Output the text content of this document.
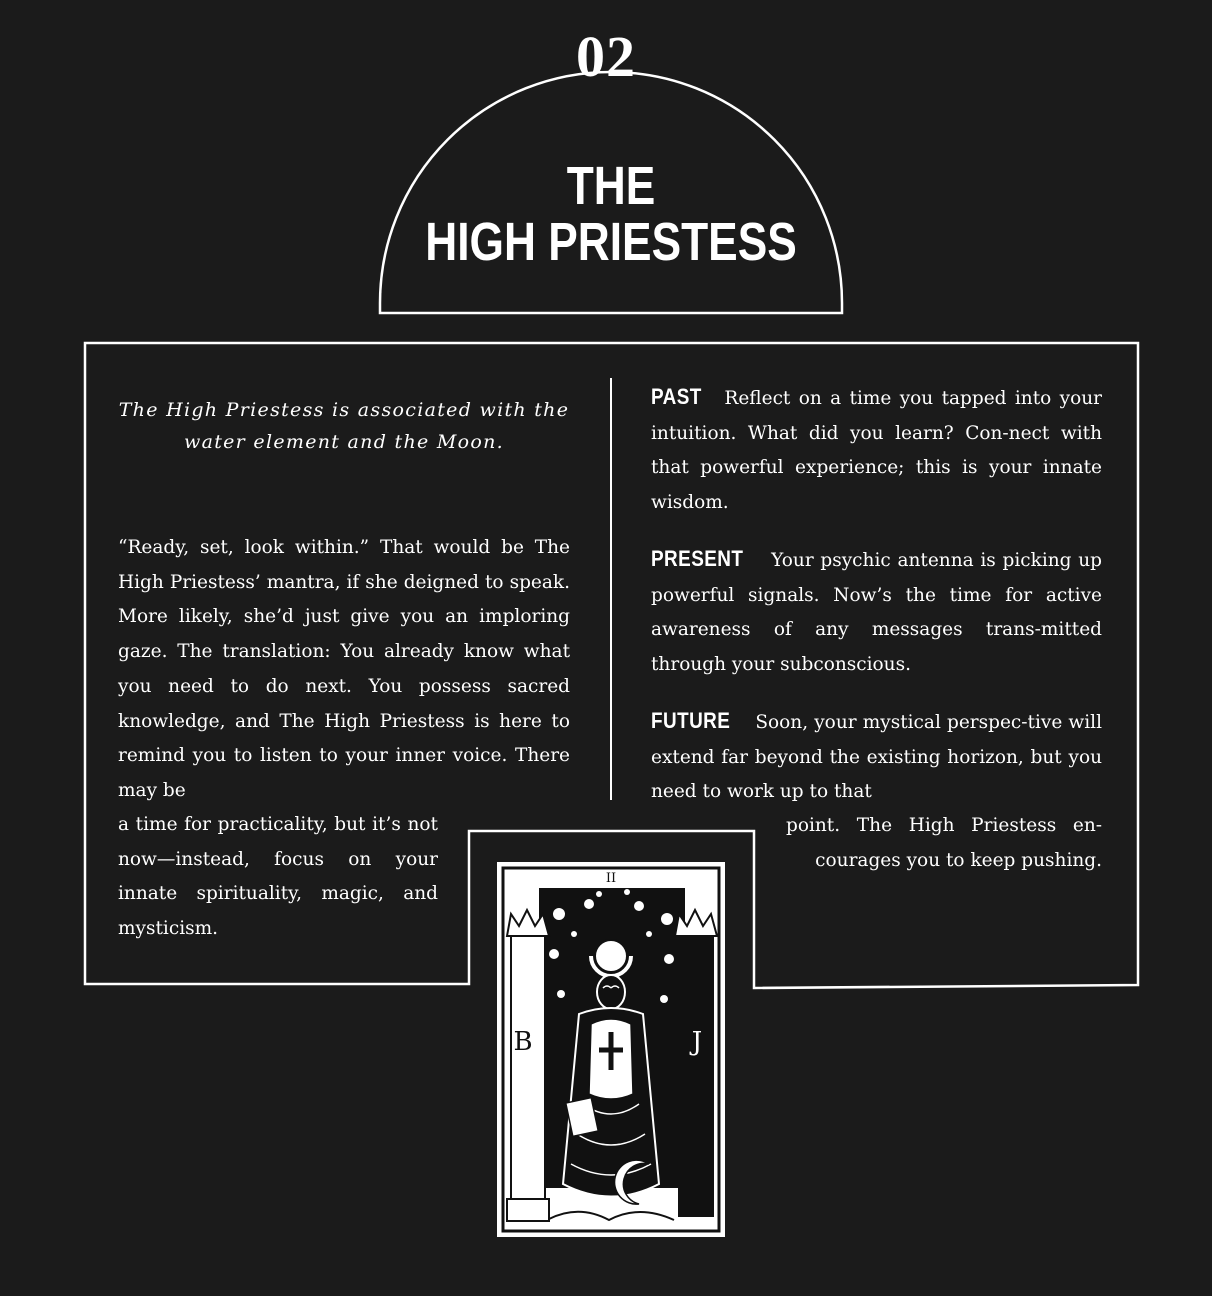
02
THE
HIGH PRIESTESS
The High Priestess is associated with the water element and the Moon.

“Ready, set, look within.” That would be The High Priestess’ mantra, if she deigned to speak. More likely, she’d just give you an imploring gaze. The translation: You already know what you need to do next. You possess sacred knowledge, and The High Priestess is here to remind you to listen to your inner voice. There may be

a time for practicality, but it’s not now—instead, focus on your innate spirituality, magic, and mysticism.

PAST Reflect on a time you tapped into your intuition. What did you learn? Con-nect with that powerful experience; this is your innate wisdom.

PRESENT Your psychic antenna is picking up powerful signals. Now’s the time for active awareness of any messages trans-mitted through your subconscious.

FUTURE Soon, your mystical perspec-tive will extend far beyond the existing horizon, but you need to work up to that

point. The High Priestess en-courages you to keep pushing.

II
B	J
